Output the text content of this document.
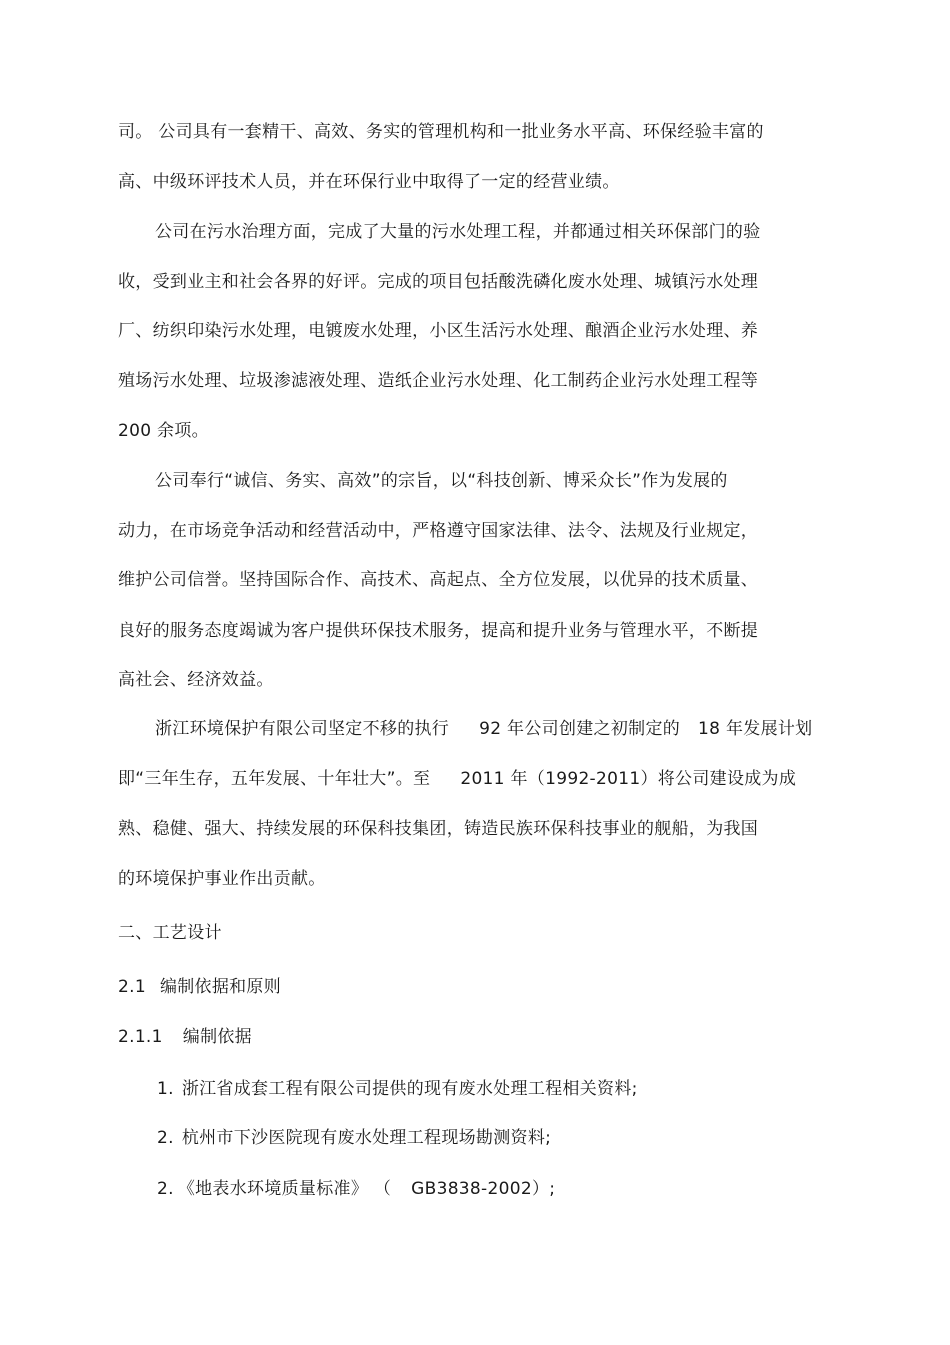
司。 公司具有一套精干、高效、务实的管理机构和一批业务水平高、环保经验丰富的
高、中级环评技术人员，并在环保行业中取得了一定的经营业绩。
公司在污水治理方面，完成了大量的污水处理工程，并都通过相关环保部门的验
收，受到业主和社会各界的好评。完成的项目包括酸洗磷化废水处理、城镇污水处理
厂、纺织印染污水处理，电镀废水处理，小区生活污水处理、酿酒企业污水处理、养
殖场污水处理、垃圾渗滤液处理、造纸企业污水处理、化工制药企业污水处理工程等
200 余项。
公司奉行“诚信、务实、高效”的宗旨，以“科技创新、博采众长”作为发展的
动力，在市场竞争活动和经营活动中，严格遵守国家法律、法令、法规及行业规定，
维护公司信誉。坚持国际合作、高技术、高起点、全方位发展，以优异的技术质量、
良好的服务态度竭诚为客户提供环保技术服务，提高和提升业务与管理水平，不断提
高社会、经济效益。
浙江环境保护有限公司坚定不移的执行 92 年公司创建之初制定的 18 年发展计划
即“三年生存，五年发展、十年壮大”。至 2011 年（1992-2011）将公司建设成为成
熟、稳健、强大、持续发展的环保科技集团，铸造民族环保科技事业的舰船，为我国
的环境保护事业作出贡献。
二、工艺设计
2.1 编制依据和原则
2.1.1 编制依据
1. 浙江省成套工程有限公司提供的现有废水处理工程相关资料;
2. 杭州市下沙医院现有废水处理工程现场勘测资料;
2. 《地表水环境质量标准》 （ GB3838-2002）;
